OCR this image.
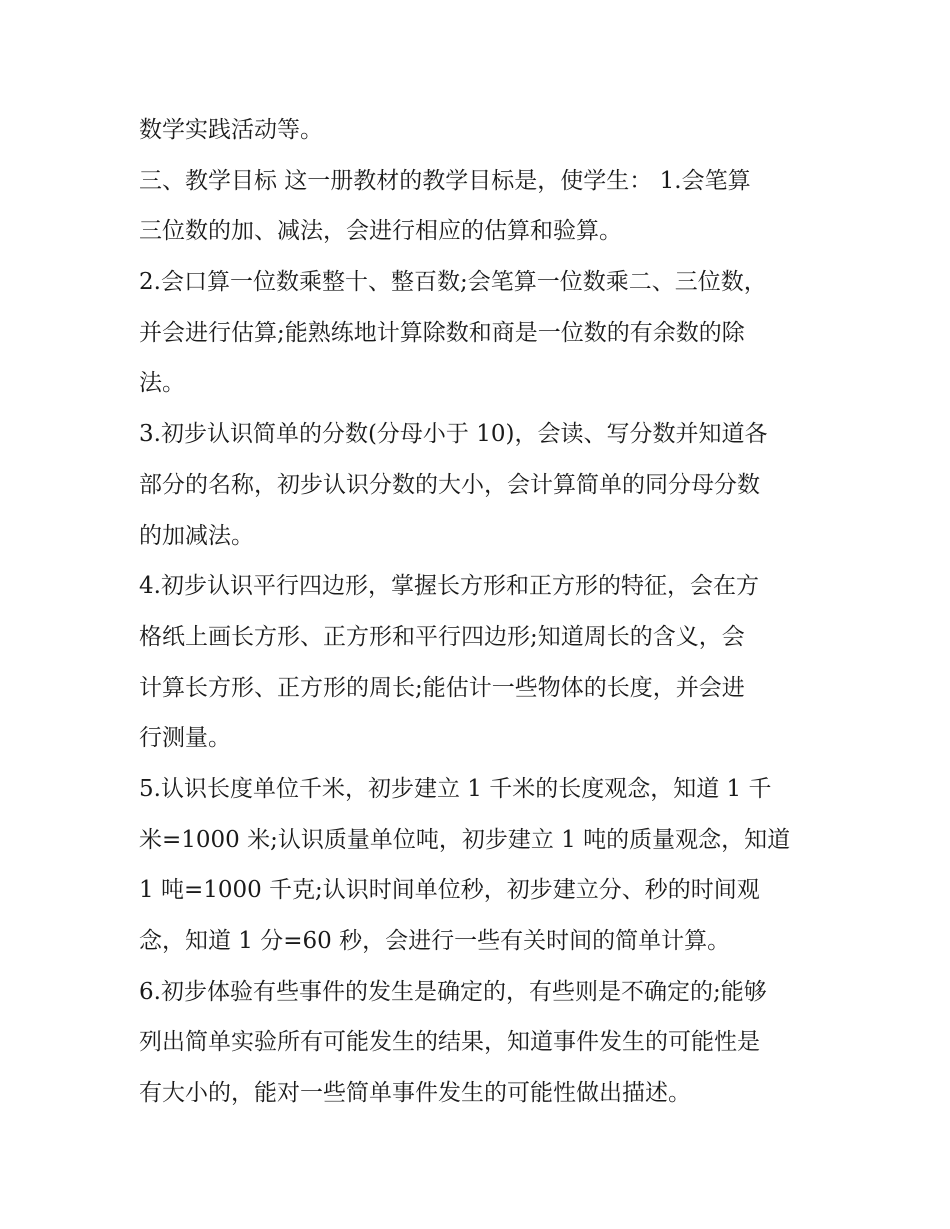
数学实践活动等。

三、教学目标 这一册教材的教学目标是，使学生： 1.会笔算
三位数的加、减法，会进行相应的估算和验算。

2.会口算一位数乘整十、整百数;会笔算一位数乘二、三位数，
并会进行估算;能熟练地计算除数和商是一位数的有余数的除
法。

3.初步认识简单的分数(分母小于 10)，会读、写分数并知道各
部分的名称，初步认识分数的大小，会计算简单的同分母分数
的加减法。

4.初步认识平行四边形，掌握长方形和正方形的特征，会在方
格纸上画长方形、正方形和平行四边形;知道周长的含义，会
计算长方形、正方形的周长;能估计一些物体的长度，并会进
行测量。

5.认识长度单位千米，初步建立 1 千米的长度观念，知道 1 千
米=1000 米;认识质量单位吨，初步建立 1 吨的质量观念，知道
1 吨=1000 千克;认识时间单位秒，初步建立分、秒的时间观
念，知道 1 分=60 秒，会进行一些有关时间的简单计算。

6.初步体验有些事件的发生是确定的，有些则是不确定的;能够
列出简单实验所有可能发生的结果，知道事件发生的可能性是
有大小的，能对一些简单事件发生的可能性做出描述。
